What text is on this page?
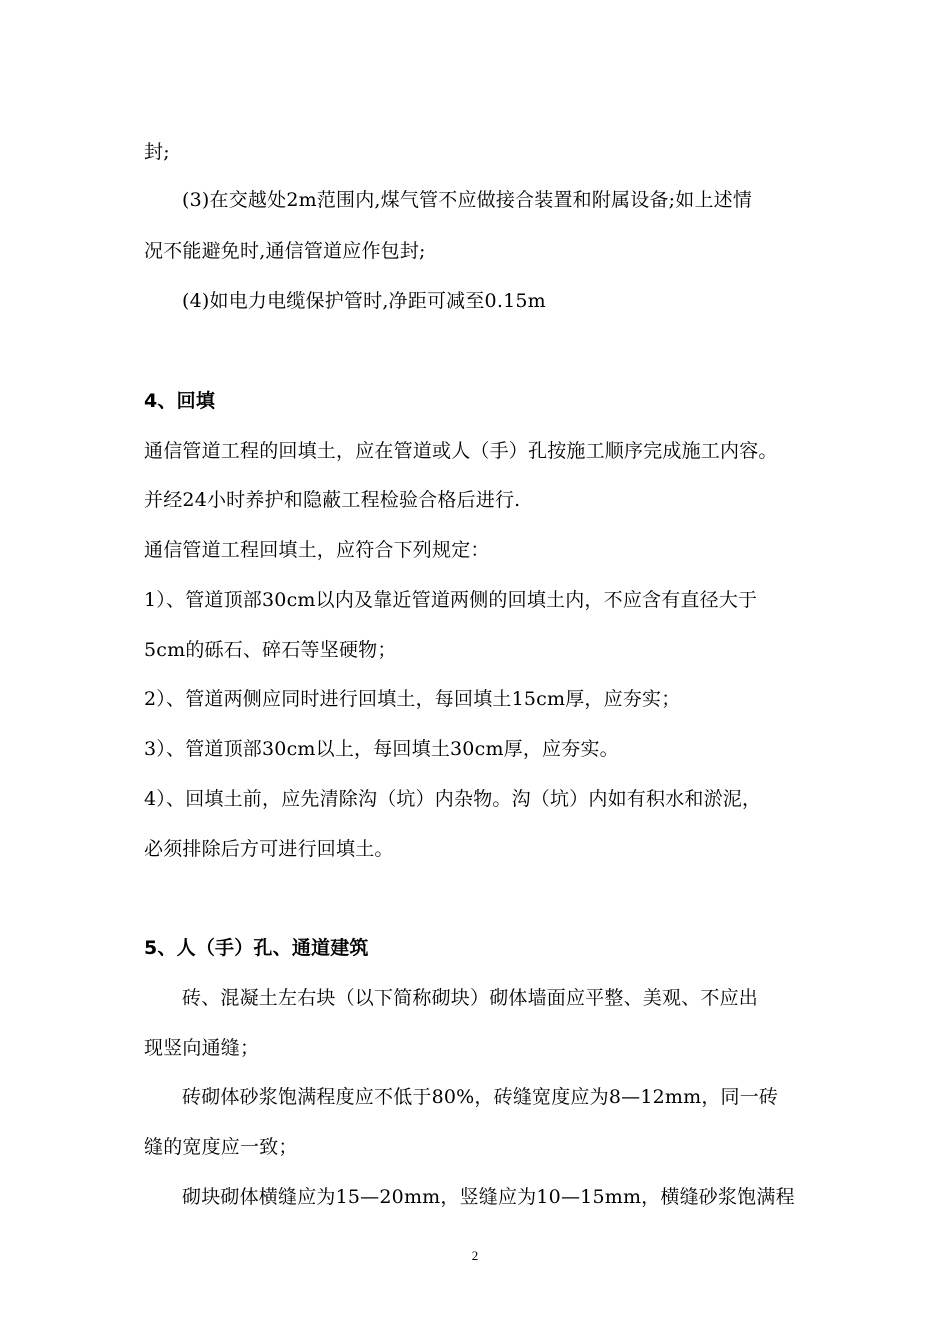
封;
(3)在交越处2m范围内,煤气管不应做接合装置和附属设备;如上述情
况不能避免时,通信管道应作包封;
(4)如电力电缆保护管时,净距可减至0.15m
4、回填
通信管道工程的回填土，应在管道或人（手）孔按施工顺序完成施工内容。
并经24小时养护和隐蔽工程检验合格后进行.
通信管道工程回填土，应符合下列规定：
1）、管道顶部30cm以内及靠近管道两侧的回填土内，不应含有直径大于
5cm的砾石、碎石等坚硬物；
2）、管道两侧应同时进行回填土，每回填土15cm厚，应夯实；
3）、管道顶部30cm以上，每回填土30cm厚，应夯实。
4）、回填土前，应先清除沟（坑）内杂物。沟（坑）内如有积水和淤泥，
必须排除后方可进行回填土。
5、人（手）孔、通道建筑
砖、混凝土左右块（以下简称砌块）砌体墙面应平整、美观、不应出
现竖向通缝；
砖砌体砂浆饱满程度应不低于80%，砖缝宽度应为8—12mm，同一砖
缝的宽度应一致；
砌块砌体横缝应为15—20mm，竖缝应为10—15mm，横缝砂浆饱满程
2
